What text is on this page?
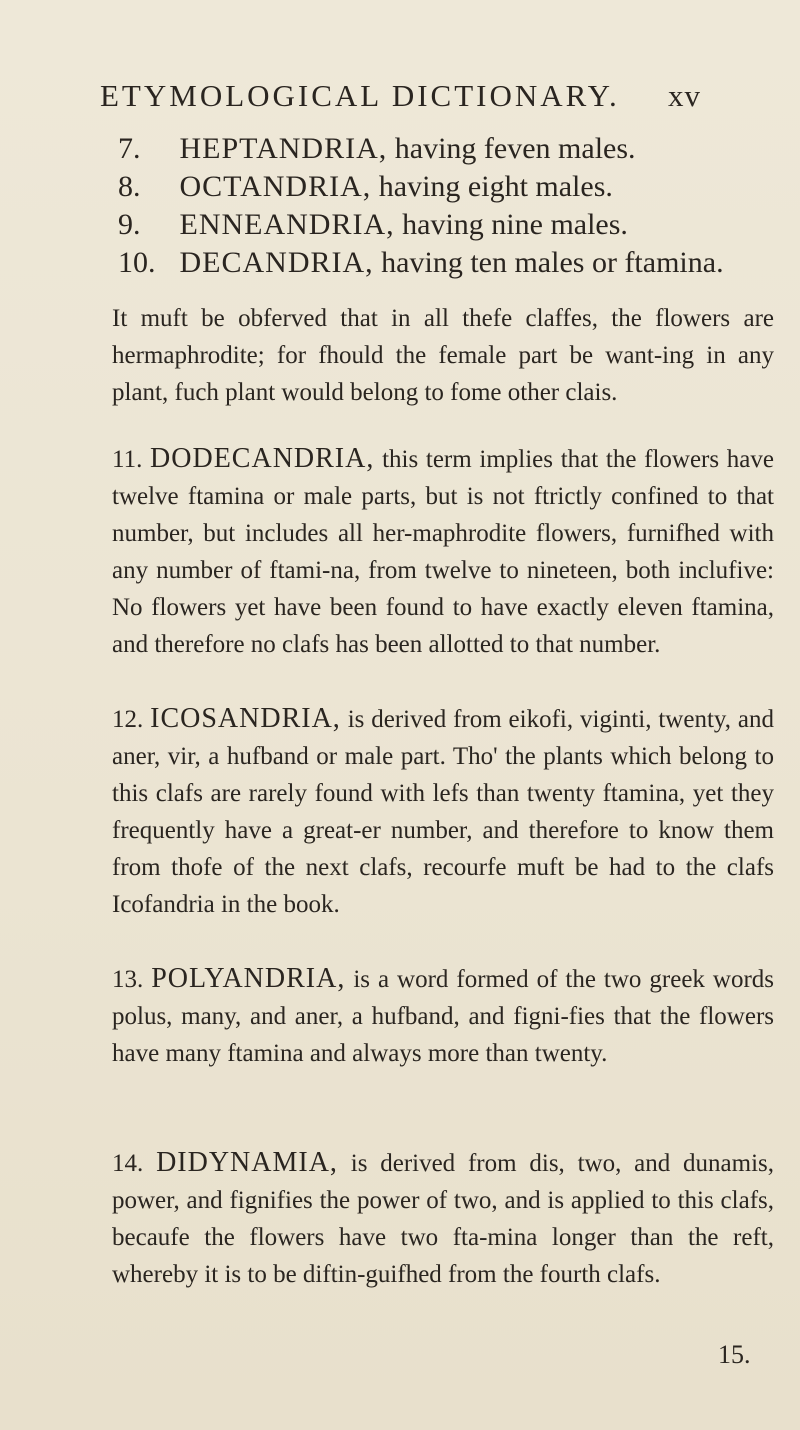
ETYMOLOGICAL DICTIONARY. xv
7. HEPTANDRIA, having feven males.
8. OCTANDRIA, having eight males.
9. ENNEANDRIA, having nine males.
10. DECANDRIA, having ten males or ftamina.

It muft be obferved that in all thefe claffes, the flowers are hermaphrodite; for fhould the female part be want-ing in any plant, fuch plant would belong to fome other clais.

11. DODECANDRIA, this term implies that the flowers have twelve ftamina or male parts, but is not ftrictly confined to that number, but includes all her-maphrodite flowers, furnifhed with any number of ftami-na, from twelve to nineteen, both inclufive: No flowers yet have been found to have exactly eleven ftamina, and therefore no clafs has been allotted to that number.

12. ICOSANDRIA, is derived from eikofi, viginti, twenty, and aner, vir, a hufband or male part. Tho' the plants which belong to this clafs are rarely found with lefs than twenty ftamina, yet they frequently have a great-er number, and therefore to know them from thofe of the next clafs, recourfe muft be had to the clafs Icofandria in the book.

13. POLYANDRIA, is a word formed of the two greek words polus, many, and aner, a hufband, and figni-fies that the flowers have many ftamina and always more than twenty.

14. DIDYNAMIA, is derived from dis, two, and dunamis, power, and fignifies the power of two, and is applied to this clafs, becaufe the flowers have two fta-mina longer than the reft, whereby it is to be diftin-guifhed from the fourth clafs.

15.
